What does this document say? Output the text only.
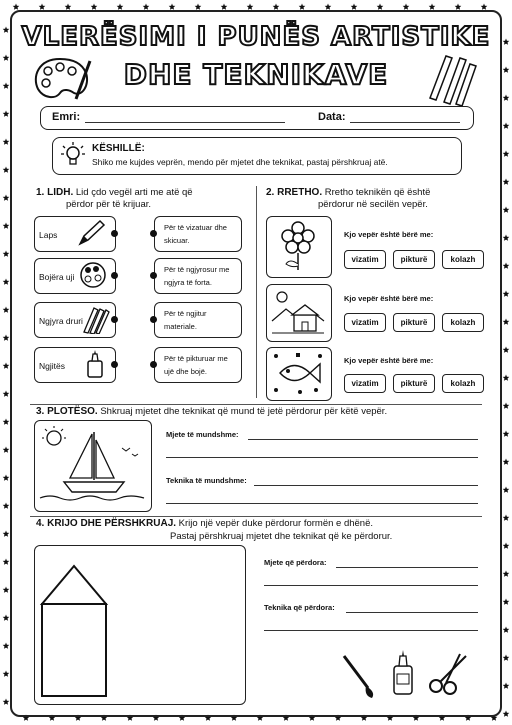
VLERËSIMI I PUNËS ARTISTIKE
DHE TEKNIKAVE
Emri:	Data:
KËSHILLË:
Shiko me kujdes veprën, mendo për mjetet dhe teknikat, pastaj përshkruaj atë.
1. LIDH. Lid çdo vegël arti me atë që
përdor për të krijuar.
Laps
Bojëra uji
Ngjyra druri
Ngjitës
Për të vizatuar dhe
skicuar.
Për të ngjyrosur me
ngjyra të forta.
Për të ngjitur
materiale.
Për të pikturuar me
ujë dhe bojë.
2. RRETHO. Rretho teknikën që është
përdorur në secilën vepër.
Kjo vepër është bërë me:
vizatim	pikturë	kolazh
Kjo vepër është bërë me:
vizatim	pikturë	kolazh
Kjo vepër është bërë me:
vizatim	pikturë	kolazh
3. PLOTËSO. Shkruaj mjetet dhe teknikat që mund të jetë përdorur për këtë vepër.
Mjete të mundshme:
Teknika të mundshme:
4. KRIJO DHE PËRSHKRUAJ. Krijo një vepër duke përdorur formën e dhënë.
Pastaj përshkruaj mjetet dhe teknikat që ke përdorur.
Mjete që përdora:
Teknika që përdora:
